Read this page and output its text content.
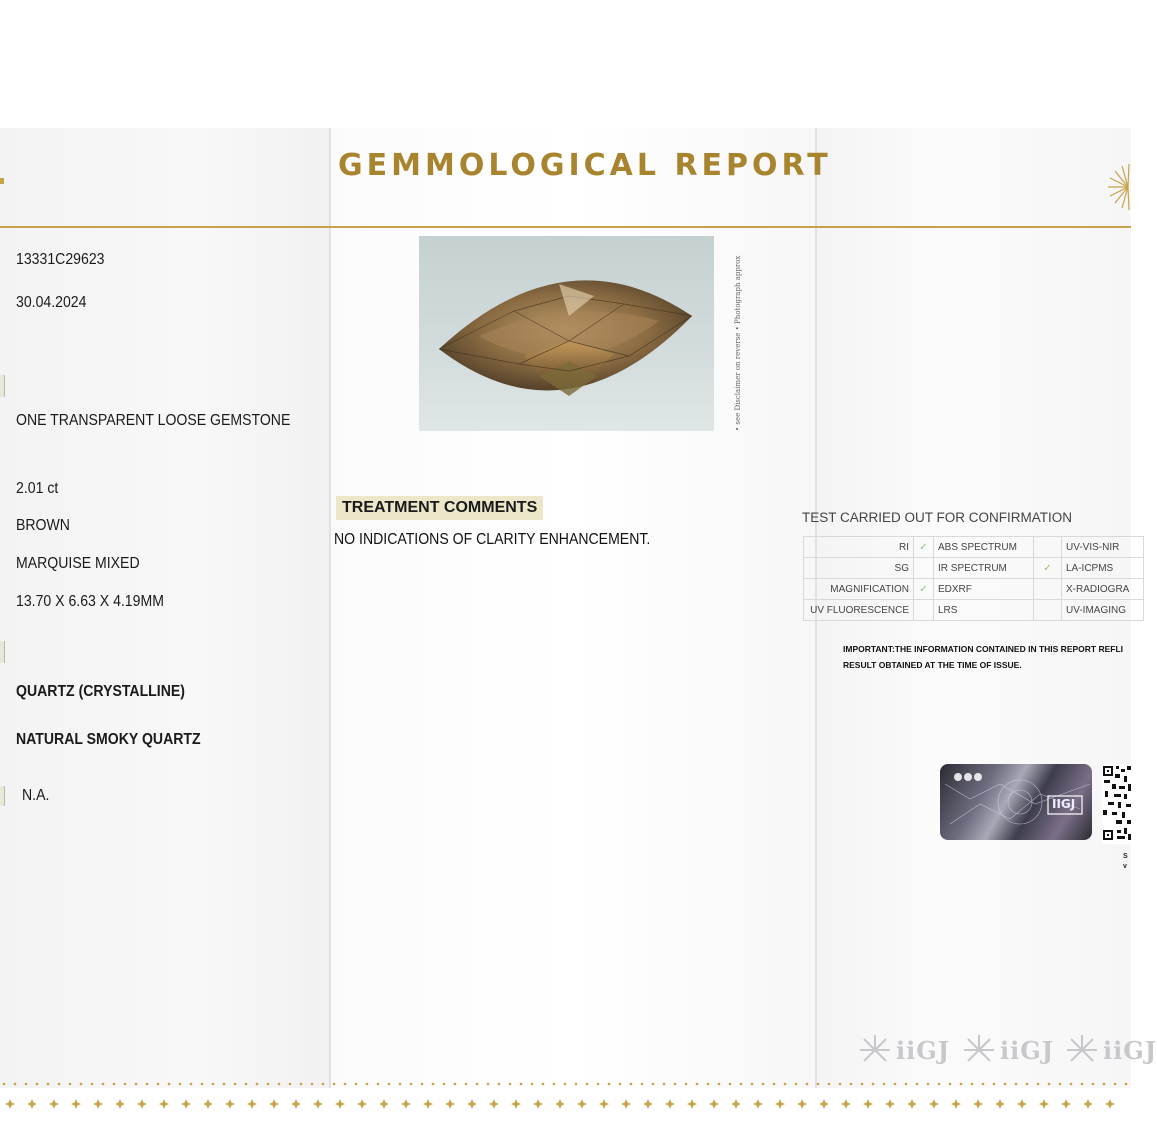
GEMMOLOGICAL REPORT
13331C29623
30.04.2024
ONE TRANSPARENT LOOSE GEMSTONE
2.01 ct
BROWN
MARQUISE MIXED
13.70 X 6.63 X 4.19MM
QUARTZ (CRYSTALLINE)
NATURAL SMOKY QUARTZ
N.A.
• see Disclaimer on reverse • Photograph approx
TREATMENT COMMENTS
NO INDICATIONS OF CLARITY ENHANCEMENT.
TEST CARRIED OUT FOR CONFIRMATION
RI	✓	ABS SPECTRUM		UV-VIS-NIR
SG		IR SPECTRUM	✓	LA-ICPMS
MAGNIFICATION	✓	EDXRF		X-RADIOGRA
UV FLUORESCENCE		LRS		UV-IMAGING
IMPORTANT:THE INFORMATION CONTAINED IN THIS REPORT REFLI
RESULT OBTAINED AT THE TIME OF ISSUE.
IIGJ
S
v
iiGJ iiGJ iiGJ
